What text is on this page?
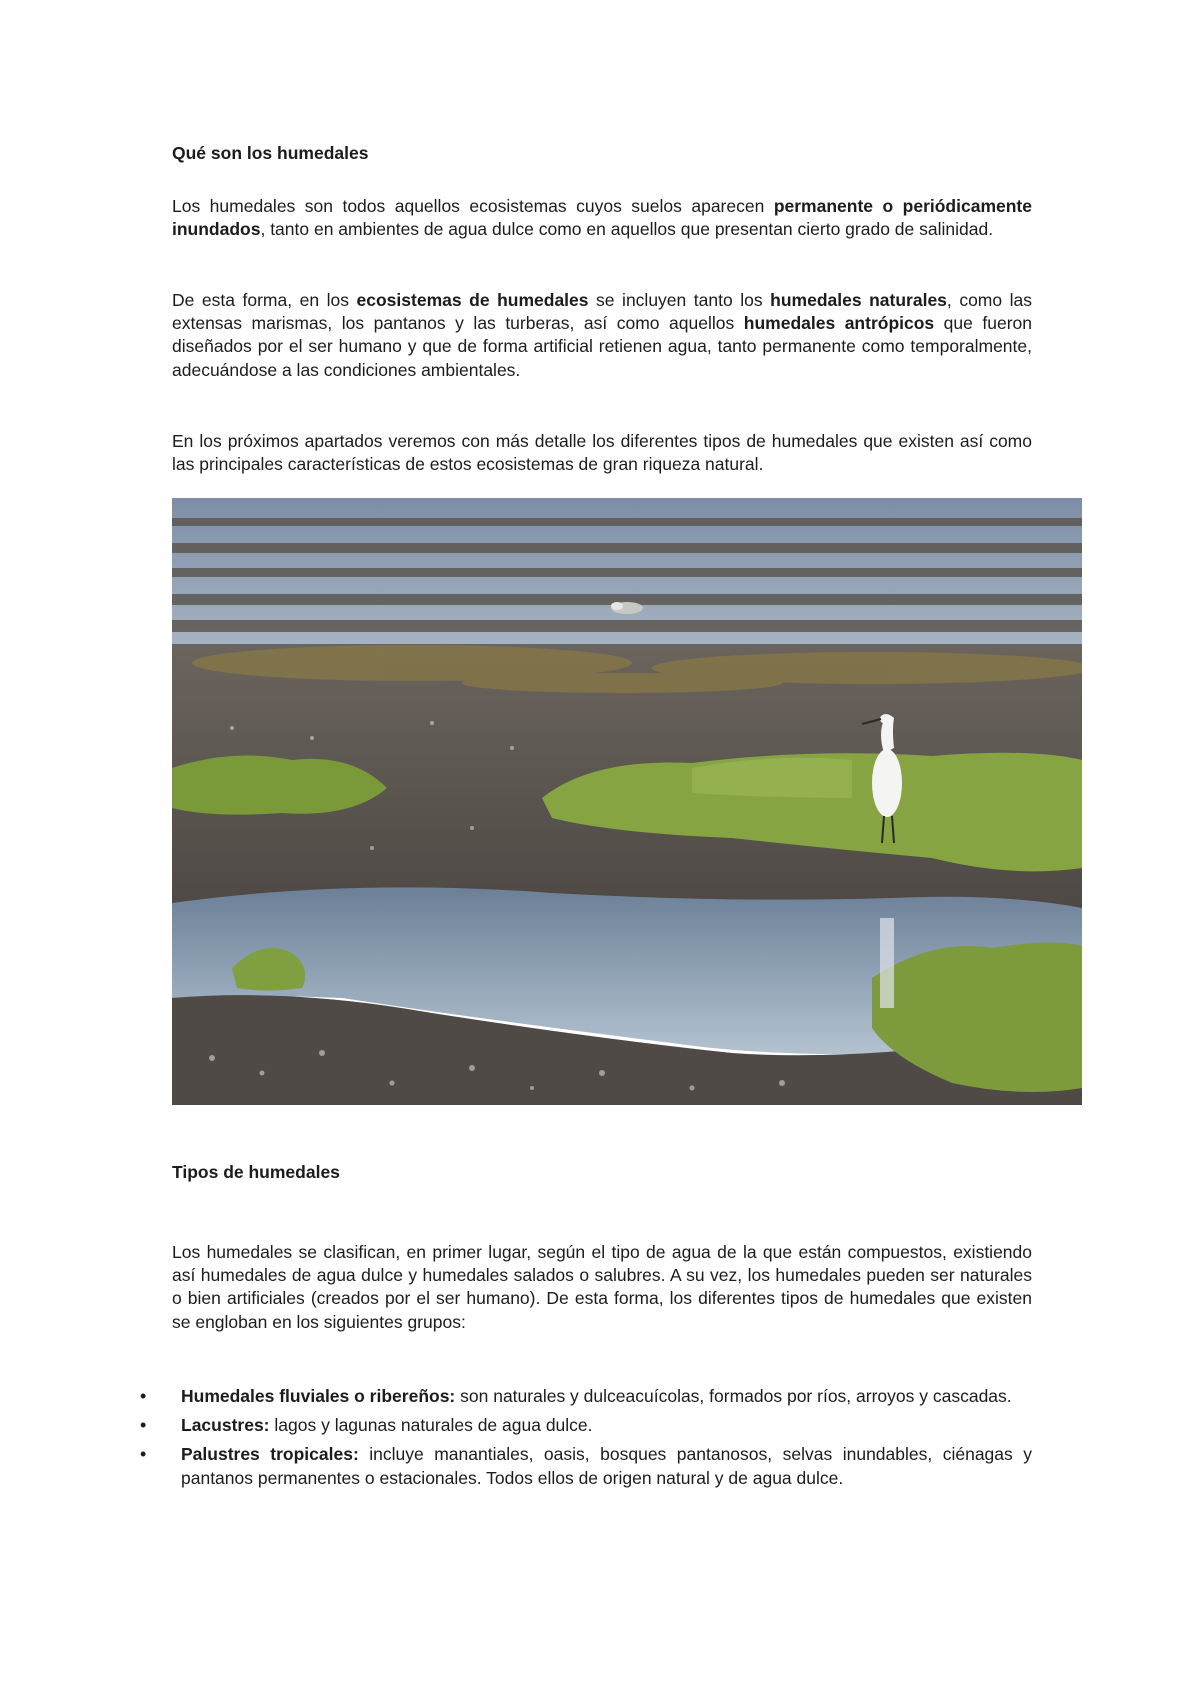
Qué son los humedales

Los humedales son todos aquellos ecosistemas cuyos suelos aparecen permanente o periódicamente inundados, tanto en ambientes de agua dulce como en aquellos que presentan cierto grado de salinidad.

De esta forma, en los ecosistemas de humedales se incluyen tanto los humedales naturales, como las extensas marismas, los pantanos y las turberas, así como aquellos humedales antrópicos que fueron diseñados por el ser humano y que de forma artificial retienen agua, tanto permanente como temporalmente, adecuándose a las condiciones ambientales.

En los próximos apartados veremos con más detalle los diferentes tipos de humedales que existen así como las principales características de estos ecosistemas de gran riqueza natural.

Tipos de humedales

Los humedales se clasifican, en primer lugar, según el tipo de agua de la que están compuestos, existiendo así humedales de agua dulce y humedales salados o salubres. A su vez, los humedales pueden ser naturales o bien artificiales (creados por el ser humano). De esta forma, los diferentes tipos de humedales que existen se engloban en los siguientes grupos:

• Humedales fluviales o ribereños: son naturales y dulceacuícolas, formados por ríos, arroyos y cascadas.
• Lacustres: lagos y lagunas naturales de agua dulce.
• Palustres tropicales: incluye manantiales, oasis, bosques pantanosos, selvas inundables, ciénagas y pantanos permanentes o estacionales. Todos ellos de origen natural y de agua dulce.
